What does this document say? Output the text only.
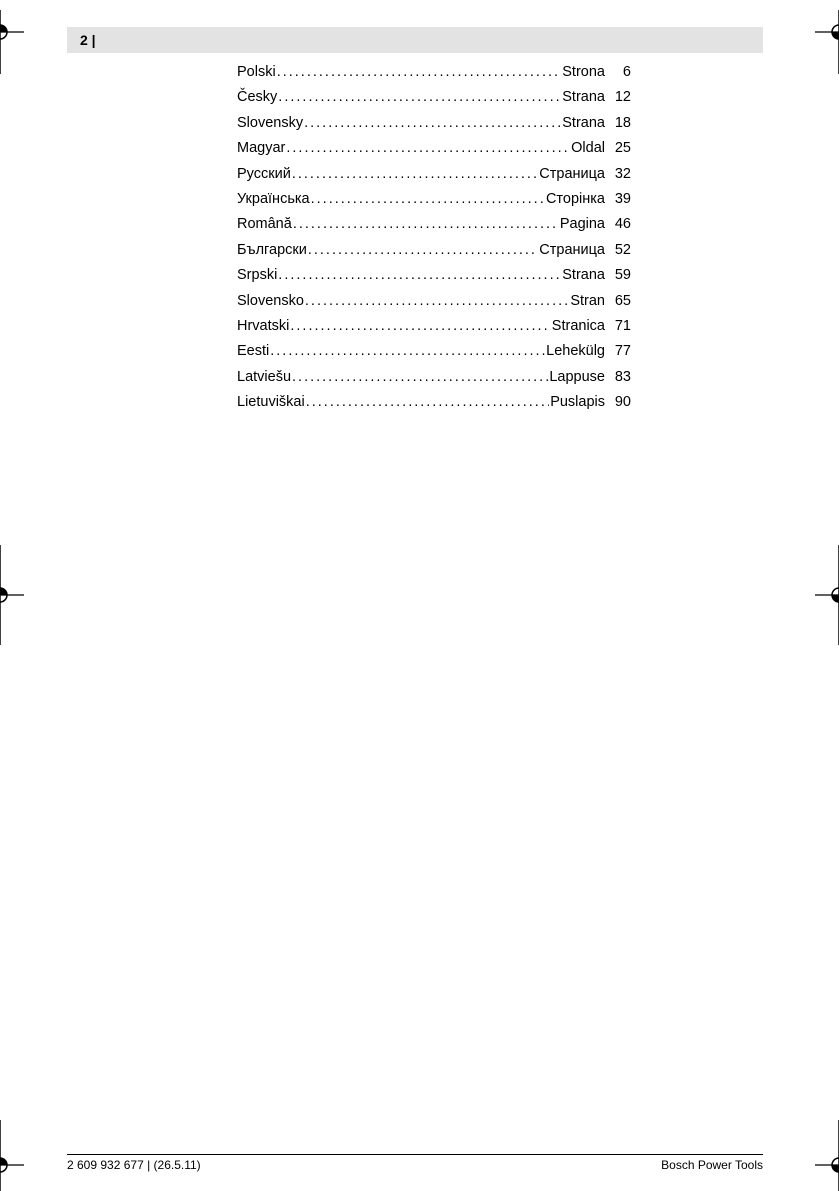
2 |
Polski .....	Strona	6
Česky .....	Strana 12
Slovensky .....	Strana 18
Magyar .....	Oldal 25
Русский .....	Страница 32
Українська .....	Сторінка 39
Română .....	Pagina 46
Български .....	Страница 52
Srpski .....	Strana 59
Slovensko .....	Stran 65
Hrvatski .....	Stranica 71
Eesti .....	Lehekülg 77
Latviešu .....	Lappuse 83
Lietuviškai .....	Puslapis 90
2 609 932 677 | (26.5.11)	Bosch Power Tools
